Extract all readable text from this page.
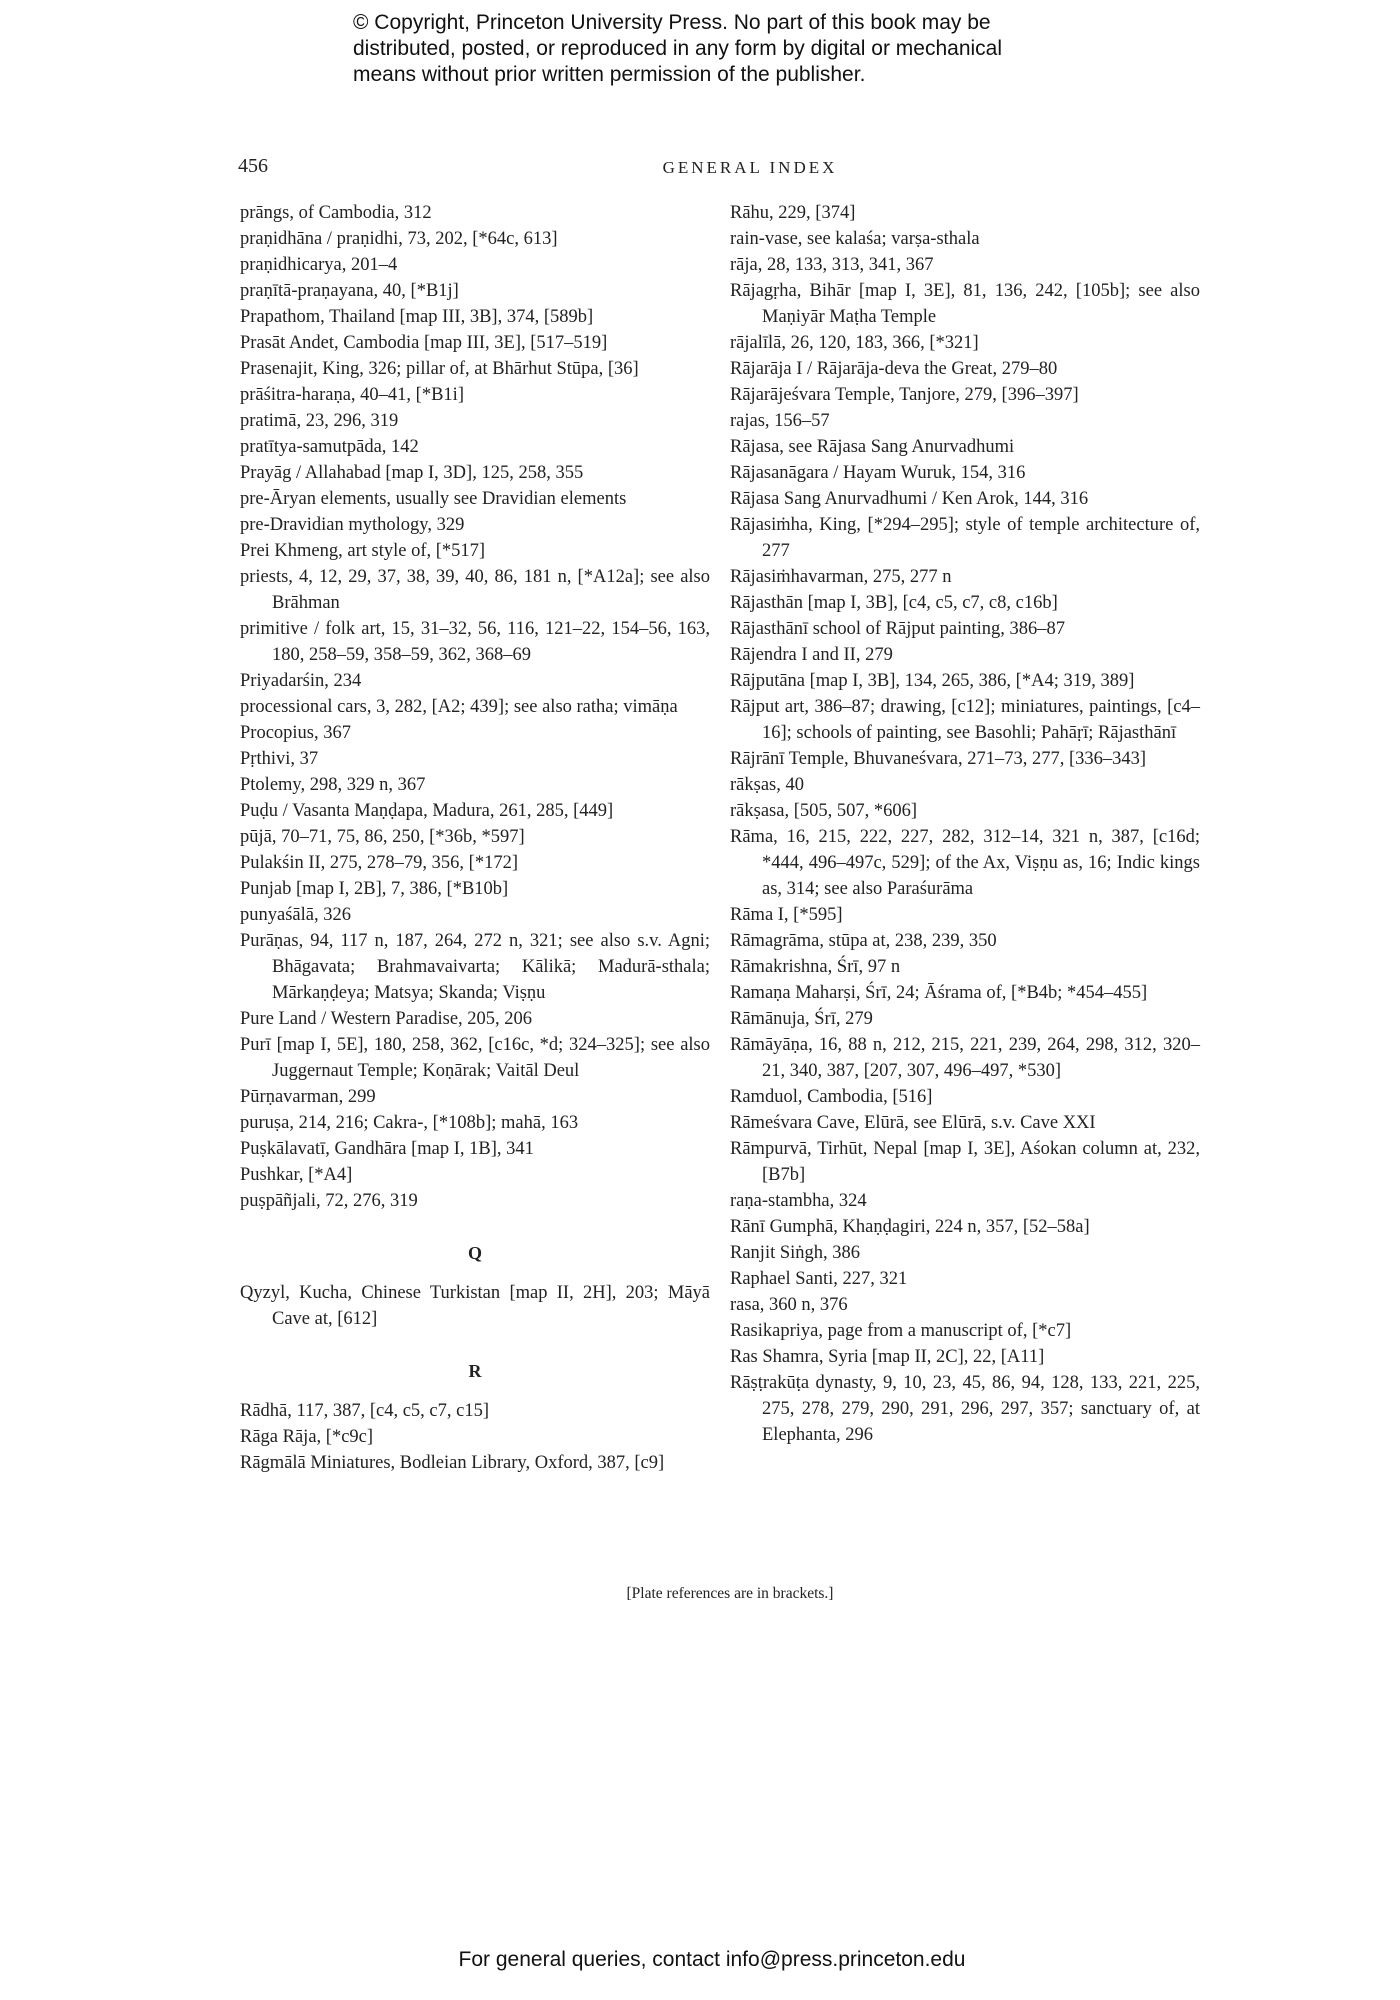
© Copyright, Princeton University Press. No part of this book may be
distributed, posted, or reproduced in any form by digital or mechanical
means without prior written permission of the publisher.
456	GENERAL INDEX

prāngs, of Cambodia, 312

praṇidhāna / praṇidhi, 73, 202, [*64c, 613]

praṇidhicarya, 201–4

praṇītā-praṇayana, 40, [*B1j]

Prapathom, Thailand [map III, 3B], 374, [589b]

Prasāt Andet, Cambodia [map III, 3E], [517–519]

Prasenajit, King, 326; pillar of, at Bhārhut Stūpa, [36]

prāśitra-haraṇa, 40–41, [*B1i]

pratimā, 23, 296, 319

pratītya-samutpāda, 142

Prayāg / Allahabad [map I, 3D], 125, 258, 355

pre-Āryan elements, usually see Dravidian elements

pre-Dravidian mythology, 329

Prei Khmeng, art style of, [*517]

priests, 4, 12, 29, 37, 38, 39, 40, 86, 181 n, [*A12a]; see also Brāhman

primitive / folk art, 15, 31–32, 56, 116, 121–22, 154–56, 163, 180, 258–59, 358–59, 362, 368–69

Priyadarśin, 234

processional cars, 3, 282, [A2; 439]; see also ratha; vimāṇa

Procopius, 367

Pṛthivi, 37

Ptolemy, 298, 329 n, 367

Puḍu / Vasanta Maṇḍapa, Madura, 261, 285, [449]

pūjā, 70–71, 75, 86, 250, [*36b, *597]

Pulakśin II, 275, 278–79, 356, [*172]

Punjab [map I, 2B], 7, 386, [*B10b]

punyaśālā, 326

Purāṇas, 94, 117 n, 187, 264, 272 n, 321; see also s.v. Agni; Bhāgavata; Brahmavaivarta; Kālikā; Madurā-sthala; Mārkaṇḍeya; Matsya; Skanda; Viṣṇu

Pure Land / Western Paradise, 205, 206

Purī [map I, 5E], 180, 258, 362, [c16c, *d; 324–325]; see also Juggernaut Temple; Koṇārak; Vaitāl Deul

Pūrṇavarman, 299

puruṣa, 214, 216; Cakra-, [*108b]; mahā, 163

Puṣkālavatī, Gandhāra [map I, 1B], 341

Pushkar, [*A4]

puṣpāñjali, 72, 276, 319

Q

Qyzyl, Kucha, Chinese Turkistan [map II, 2H], 203; Māyā Cave at, [612]

R

Rādhā, 117, 387, [c4, c5, c7, c15]

Rāga Rāja, [*c9c]

Rāgmālā Miniatures, Bodleian Library, Oxford, 387, [c9]

Rāhu, 229, [374]

rain-vase, see kalaśa; varṣa-sthala

rāja, 28, 133, 313, 341, 367

Rājagṛha, Bihār [map I, 3E], 81, 136, 242, [105b]; see also Maṇiyār Maṭha Temple

rājalīlā, 26, 120, 183, 366, [*321]

Rājarāja I / Rājarāja-deva the Great, 279–80

Rājarājeśvara Temple, Tanjore, 279, [396–397]

rajas, 156–57

Rājasa, see Rājasa Sang Anurvadhumi

Rājasanāgara / Hayam Wuruk, 154, 316

Rājasa Sang Anurvadhumi / Ken Arok, 144, 316

Rājasiṁha, King, [*294–295]; style of temple architecture of, 277

Rājasiṁhavarman, 275, 277 n

Rājasthān [map I, 3B], [c4, c5, c7, c8, c16b]

Rājasthānī school of Rājput painting, 386–87

Rājendra I and II, 279

Rājputāna [map I, 3B], 134, 265, 386, [*A4; 319, 389]

Rājput art, 386–87; drawing, [c12]; miniatures, paintings, [c4–16]; schools of painting, see Basohli; Pahāṛī; Rājasthānī

Rājrānī Temple, Bhuvaneśvara, 271–73, 277, [336–343]

rākṣas, 40

rākṣasa, [505, 507, *606]

Rāma, 16, 215, 222, 227, 282, 312–14, 321 n, 387, [c16d; *444, 496–497c, 529]; of the Ax, Viṣṇu as, 16; Indic kings as, 314; see also Paraśurāma

Rāma I, [*595]

Rāmagrāma, stūpa at, 238, 239, 350

Rāmakrishna, Śrī, 97 n

Ramaṇa Maharṣi, Śrī, 24; Āśrama of, [*B4b; *454–455]

Rāmānuja, Śrī, 279

Rāmāyāṇa, 16, 88 n, 212, 215, 221, 239, 264, 298, 312, 320–21, 340, 387, [207, 307, 496–497, *530]

Ramduol, Cambodia, [516]

Rāmeśvara Cave, Elūrā, see Elūrā, s.v. Cave XXI

Rāmpurvā, Tirhūt, Nepal [map I, 3E], Aśokan column at, 232, [B7b]

raṇa-stambha, 324

Rānī Gumphā, Khaṇḍagiri, 224 n, 357, [52–58a]

Ranjit Siṅgh, 386

Raphael Santi, 227, 321

rasa, 360 n, 376

Rasikapriya, page from a manuscript of, [*c7]

Ras Shamra, Syria [map II, 2C], 22, [A11]

Rāṣṭrakūṭa dynasty, 9, 10, 23, 45, 86, 94, 128, 133, 221, 225, 275, 278, 279, 290, 291, 296, 297, 357; sanctuary of, at Elephanta, 296

[Plate references are in brackets.]
For general queries, contact info@press.princeton.edu
